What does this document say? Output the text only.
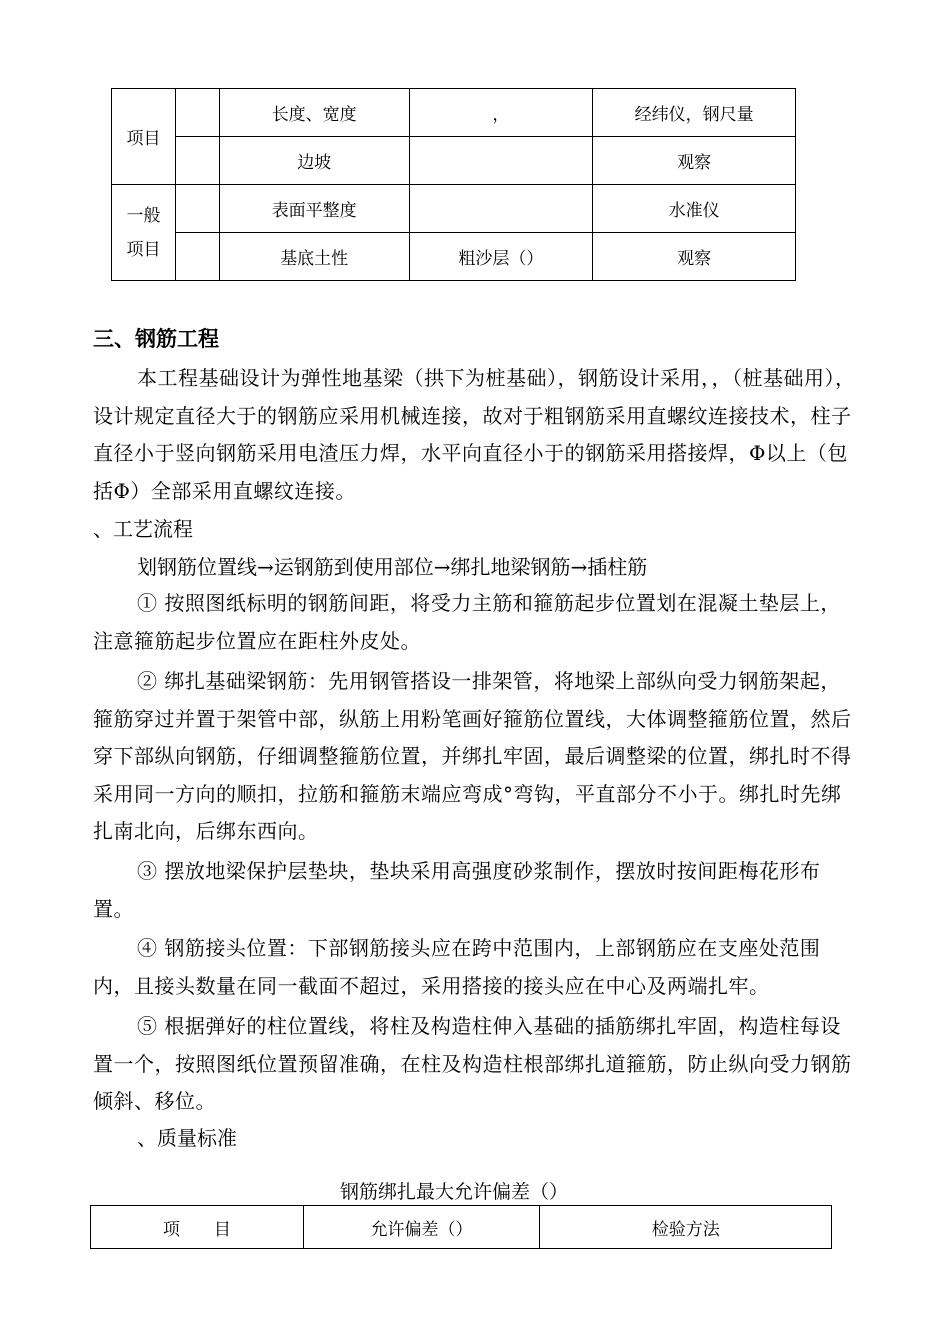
项目		长度、宽度	，	经纬仪，钢尺量
		边坡		观察
一般
项目		表面平整度		水准仪
		基底土性	粗沙层（）	观察
三、钢筋工程

本工程基础设计为弹性地基梁（拱下为桩基础），钢筋设计采用，，（桩基础用），设计规定直径大于的钢筋应采用机械连接，故对于粗钢筋采用直螺纹连接技术，柱子直径小于竖向钢筋采用电渣压力焊，水平向直径小于的钢筋采用搭接焊，Φ以上（包括Φ）全部采用直螺纹连接。

、工艺流程
划钢筋位置线→运钢筋到使用部位→绑扎地梁钢筋→插柱筋

① 按照图纸标明的钢筋间距，将受力主筋和箍筋起步位置划在混凝土垫层上，注意箍筋起步位置应在距柱外皮处。

② 绑扎基础梁钢筋：先用钢管搭设一排架管，将地梁上部纵向受力钢筋架起，箍筋穿过并置于架管中部，纵筋上用粉笔画好箍筋位置线，大体调整箍筋位置，然后穿下部纵向钢筋，仔细调整箍筋位置，并绑扎牢固，最后调整梁的位置，绑扎时不得采用同一方向的顺扣，拉筋和箍筋末端应弯成°弯钩，平直部分不小于。绑扎时先绑扎南北向，后绑东西向。

③ 摆放地梁保护层垫块，垫块采用高强度砂浆制作，摆放时按间距梅花形布置。

④ 钢筋接头位置：下部钢筋接头应在跨中范围内，上部钢筋应在支座处范围内，且接头数量在同一截面不超过，采用搭接的接头应在中心及两端扎牢。

⑤ 根据弹好的柱位置线，将柱及构造柱伸入基础的插筋绑扎牢固，构造柱每设置一个，按照图纸位置预留准确，在柱及构造柱根部绑扎道箍筋，防止纵向受力钢筋倾斜、移位。

、质量标准
钢筋绑扎最大允许偏差（）
项　　目	允许偏差（）	检验方法
